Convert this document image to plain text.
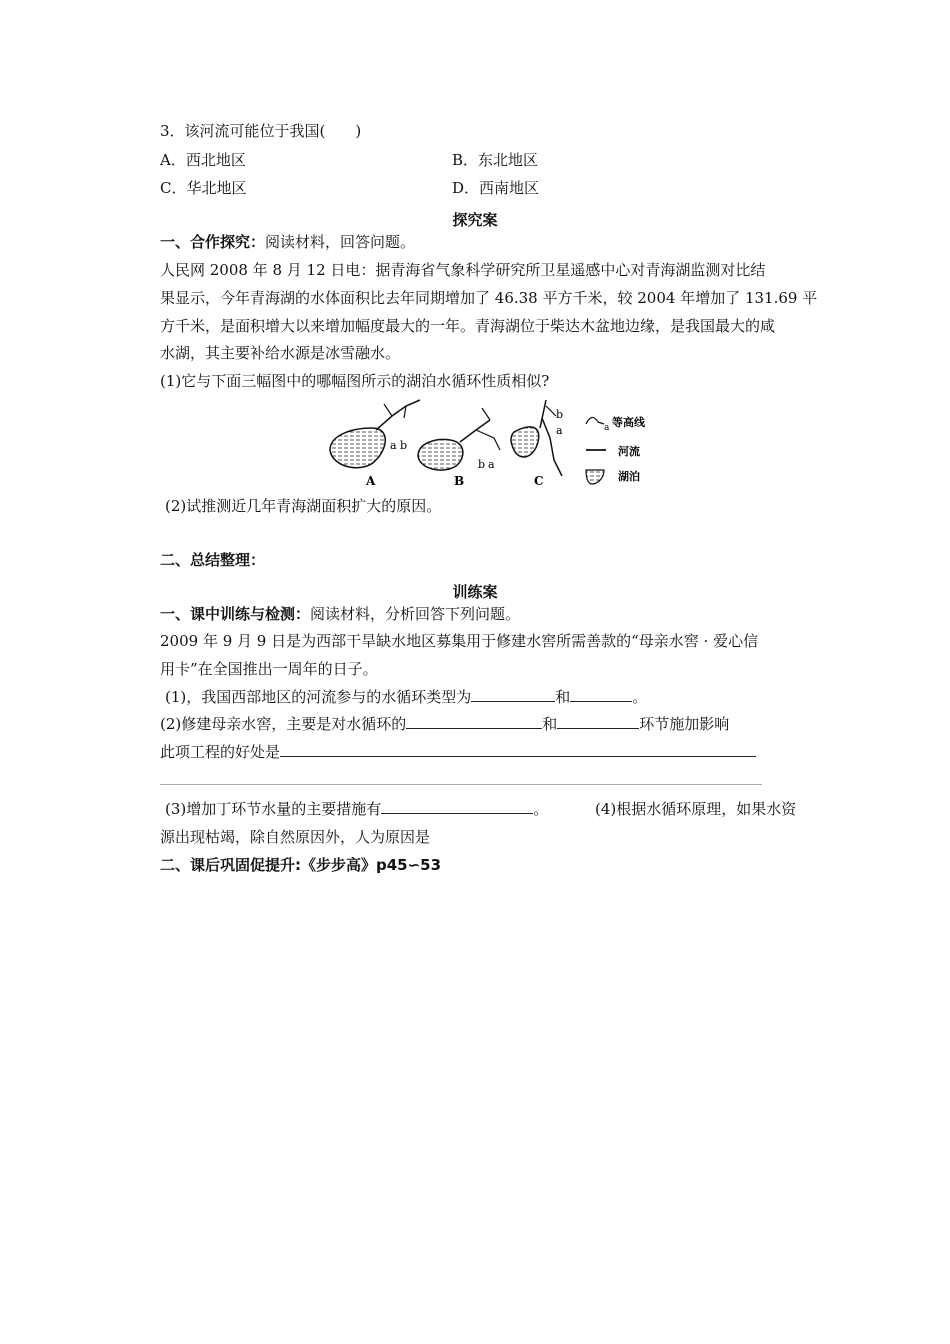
3．该河流可能位于我国(　　)
A．西北地区	B．东北地区
C．华北地区	D．西南地区
探究案
一、合作探究：阅读材料，回答问题。
人民网 2008 年 8 月 12 日电：据青海省气象科学研究所卫星遥感中心对青海湖监测对比结
果显示，今年青海湖的水体面积比去年同期增加了 46.38 平方千米，较 2004 年增加了 131.69 平
方千米，是面积增大以来增加幅度最大的一年。青海湖位于柴达木盆地边缘，是我国最大的咸
水湖，其主要补给水源是冰雪融水。
(1)它与下面三幅图中的哪幅图所示的湖泊水循环性质相似?
a b
A
b a
B
b
a
C
a 等高线
河流
湖泊
(2)试推测近几年青海湖面积扩大的原因。
二、总结整理：
训练案
一、课中训练与检测：阅读材料，分析回答下列问题。
2009 年 9 月 9 日是为西部干旱缺水地区募集用于修建水窖所需善款的“母亲水窖 · 爱心信
用卡”在全国推出一周年的日子。
(1)，我国西部地区的河流参与的水循环类型为	和	。
(2)修建母亲水窖，主要是对水循环的	和	环节施加影响
此项工程的好处是
(3)增加丁环节水量的主要措施有	。	(4)根据水循环原理，如果水资
源出现枯竭，除自然原因外，人为原因是
二、课后巩固促提升:《步步高》p45∽53
